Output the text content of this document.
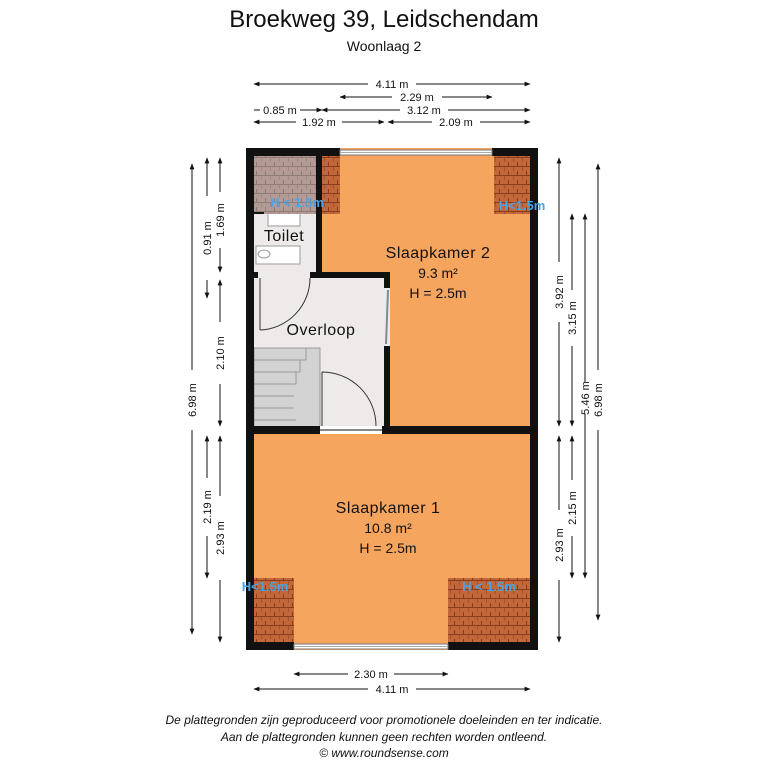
Broekweg 39, Leidschendam
Woonlaag 2
Slaapkamer 2
9.3 m²
H = 2.5m
Slaapkamer 1
10.8 m²
H = 2.5m
Overloop
Toilet
H < 1.5m	H<1.5m
H<1.5m	H < 1.5m
4.11 m
2.29 m
0.85 m	3.12 m
1.92 m	2.09 m
6.98 m
0.91 m
1.69 m
2.10 m
2.19 m
2.93 m
3.92 m
3.15 m
5.46 m 6.98 m
2.93 m
2.15 m
2.30 m
4.11 m
De plattegronden zijn geproduceerd voor promotionele doeleinden en ter indicatie.
Aan de plattegronden kunnen geen rechten worden ontleend.
© www.roundsense.com
